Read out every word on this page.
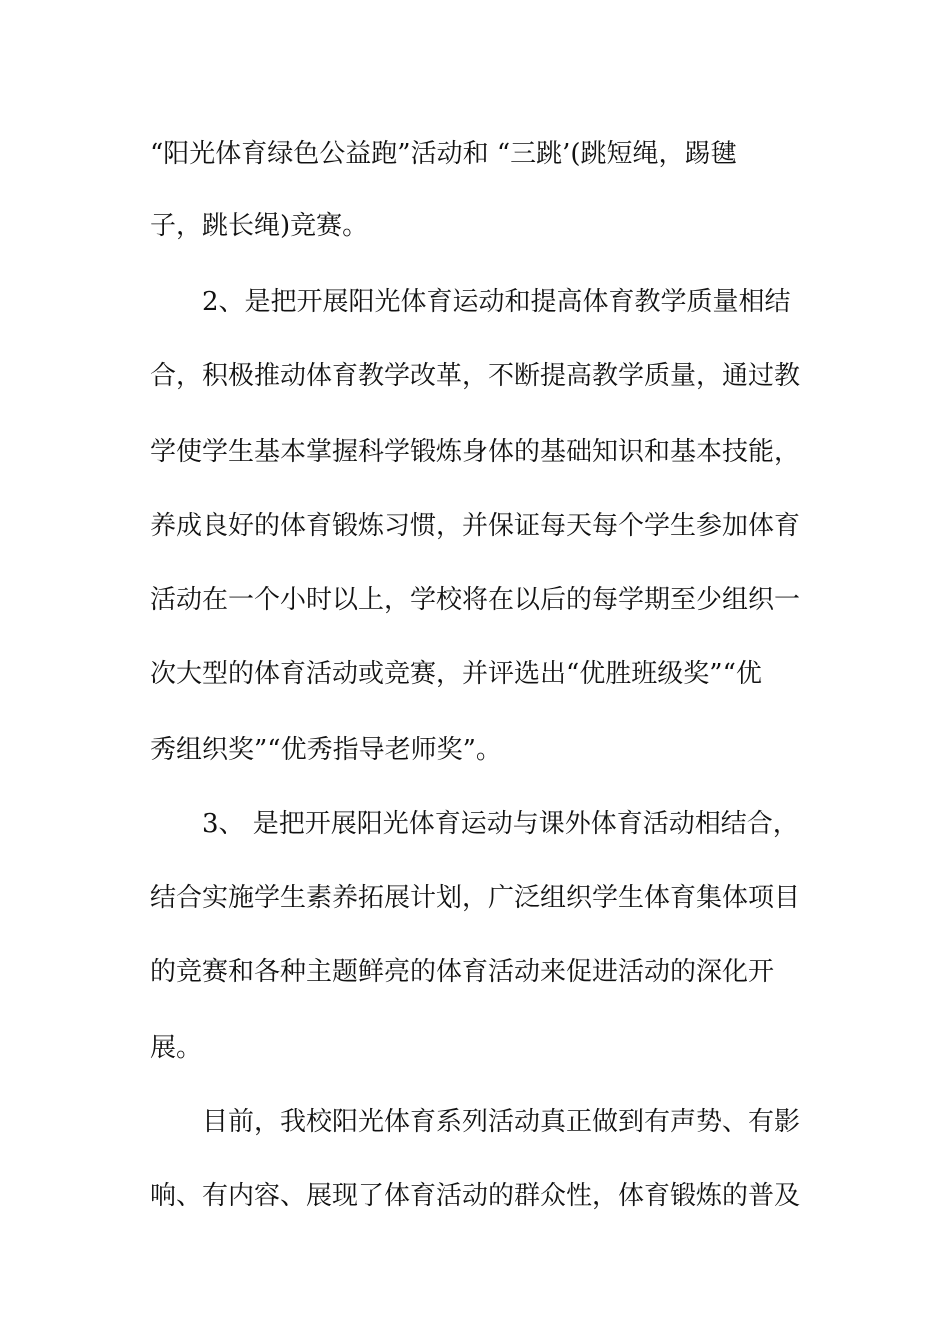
“阳光体育绿色公益跑”活动和 “三跳’(跳短绳，踢毽
子，跳长绳)竞赛。
2、是把开展阳光体育运动和提高体育教学质量相结
合，积极推动体育教学改革，不断提高教学质量，通过教
学使学生基本掌握科学锻炼身体的基础知识和基本技能，
养成良好的体育锻炼习惯，并保证每天每个学生参加体育
活动在一个小时以上，学校将在以后的每学期至少组织一
次大型的体育活动或竞赛，并评选出“优胜班级奖”“优
秀组织奖”“优秀指导老师奖”。
3、 是把开展阳光体育运动与课外体育活动相结合，
结合实施学生素养拓展计划，广泛组织学生体育集体项目
的竞赛和各种主题鲜亮的体育活动来促进活动的深化开
展。
目前，我校阳光体育系列活动真正做到有声势、有影
响、有内容、展现了体育活动的群众性，体育锻炼的普及
